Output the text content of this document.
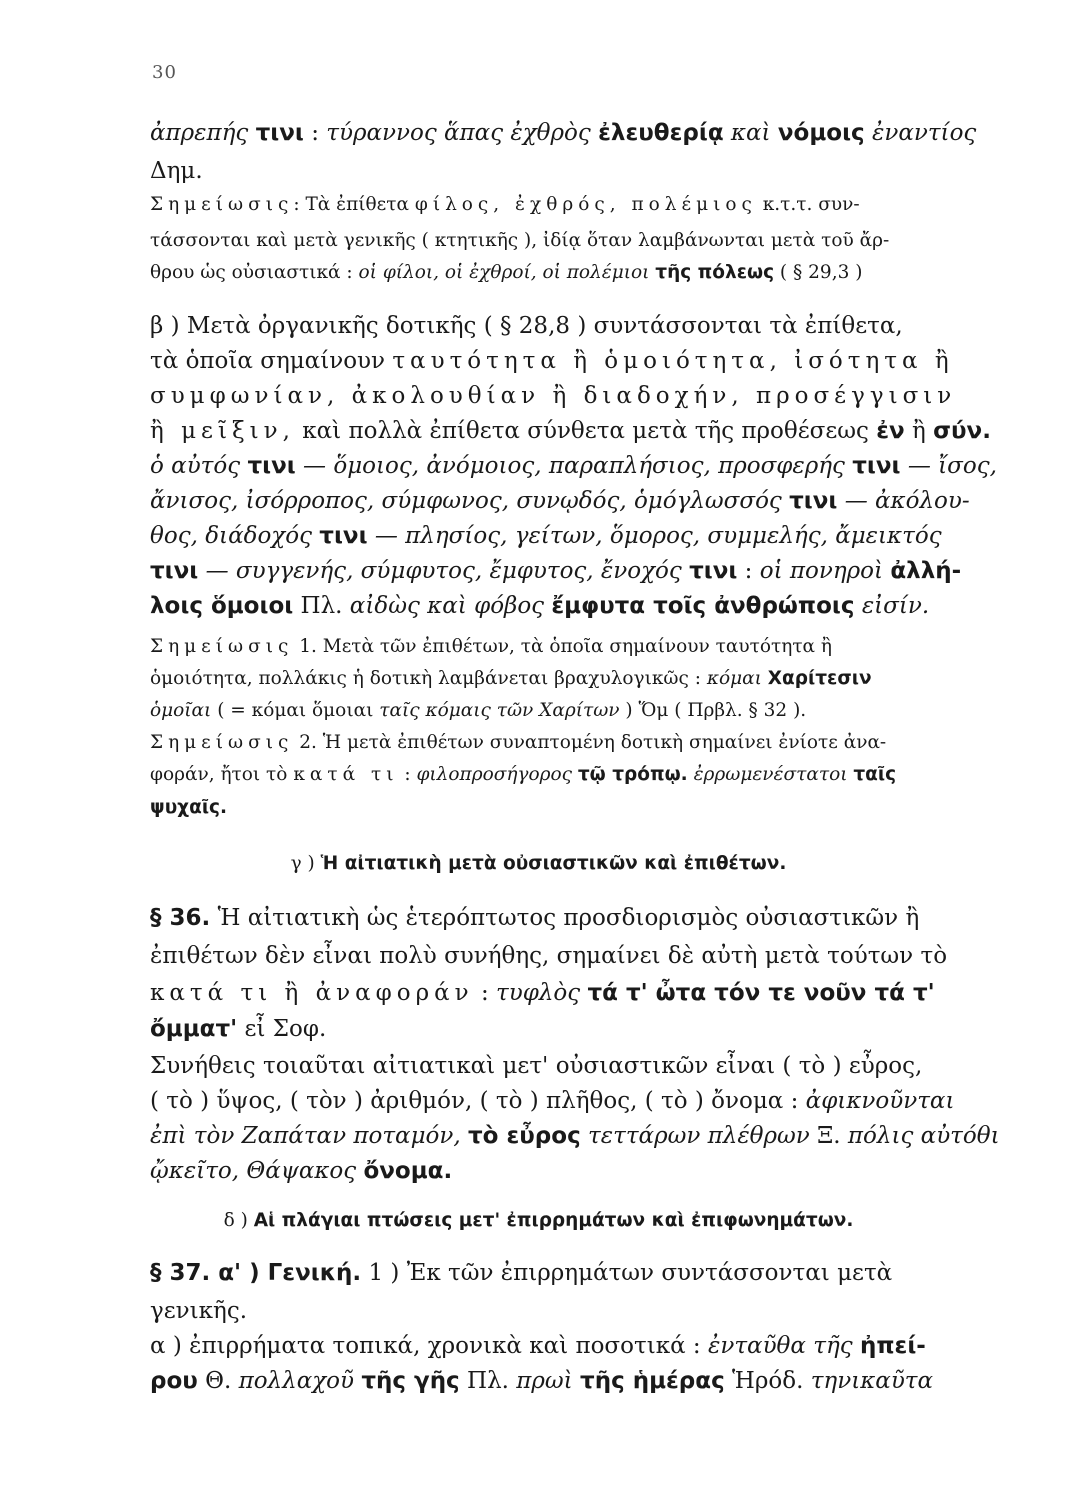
30
ἀπρεπής τινι : τύραννος ἅπας ἐχθρὸς ἐλευθερίᾳ καὶ νόμοις ἐναντίος
Δημ.
Σημείωσις: Τὰ ἐπίθετα φίλος, ἐχθρός, πολέμιος κ.τ.τ. συν-
τάσσονται καὶ μετὰ γενικῆς ( κτητικῆς ), ἰδίᾳ ὅταν λαμβάνωνται μετὰ τοῦ ἄρ-
θρου ὡς οὐσιαστικά : οἱ φίλοι, οἱ ἐχθροί, οἱ πολέμιοι τῆς πόλεως ( § 29,3 )
β ) Μετὰ ὀργανικῆς δοτικῆς ( § 28,8 ) συντάσσονται τὰ ἐπίθετα,
τὰ ὁποῖα σημαίνουν ταυτότητα ἢ ὁμοιότητα, ἰσότητα ἢ
συμφωνίαν, ἀκολουθίαν ἢ διαδοχήν, προσέγγισιν
ἢ μεῖξιν, καὶ πολλὰ ἐπίθετα σύνθετα μετὰ τῆς προθέσεως ἐν ἢ σύν.
ὁ αὐτός τινι — ὅμοιος, ἀνόμοιος, παραπλήσιος, προσφερής τινι — ἴσος,
ἄνισος, ἰσόρροπος, σύμφωνος, συνῳδός, ὁμόγλωσσός τινι — ἀκόλου-
θος, διάδοχός τινι — πλησίος, γείτων, ὅμορος, συμμελής, ἄμεικτός
τινι — συγγενής, σύμφυτος, ἔμφυτος, ἔνοχός τινι : οἱ πονηροὶ ἀλλή-
λοις ὅμοιοι Πλ. αἰδὼς καὶ φόβος ἔμφυτα τοῖς ἀνθρώποις εἰσίν.
Σημείωσις 1. Μετὰ τῶν ἐπιθέτων, τὰ ὁποῖα σημαίνουν ταυτότητα ἢ
ὁμοιότητα, πολλάκις ἡ δοτικὴ λαμβάνεται βραχυλογικῶς : κόμαι Χαρίτεσιν
ὁμοῖαι ( = κόμαι ὅμοιαι ταῖς κόμαις τῶν Χαρίτων ) Ὅμ ( Πρβλ. § 32 ).
Σημείωσις 2. Ἡ μετὰ ἐπιθέτων συναπτομένη δοτικὴ σημαίνει ἐνίοτε ἀνα-
φοράν, ἤτοι τὸ κατά τι : φιλοπροσήγορος τῷ τρόπῳ. ἐρρωμενέστατοι ταῖς
ψυχαῖς.
γ ) Ἡ αἰτιατικὴ μετὰ οὐσιαστικῶν καὶ ἐπιθέτων.
§ 36. Ἡ αἰτιατικὴ ὡς ἑτερόπτωτος προσδιορισμὸς οὐσιαστικῶν ἢ
ἐπιθέτων δὲν εἶναι πολὺ συνήθης, σημαίνει δὲ αὐτὴ μετὰ τούτων τὸ
κατά τι ἢ ἀναφοράν : τυφλὸς τά τ' ὦτα τόν τε νοῦν τά τ'
ὄμματ' εἶ Σοφ.
Συνήθεις τοιαῦται αἰτιατικαὶ μετ' οὐσιαστικῶν εἶναι ( τὸ ) εὖρος,
( τὸ ) ὕψος, ( τὸν ) ἀριθμόν, ( τὸ ) πλῆθος, ( τὸ ) ὄνομα : ἀφικνοῦνται
ἐπὶ τὸν Ζαπάταν ποταμόν, τὸ εὖρος τεττάρων πλέθρων Ξ. πόλις αὐτόθι
ᾤκεῖτο, Θάψακος ὄνομα.
δ ) Αἱ πλάγιαι πτώσεις μετ' ἐπιρρημάτων καὶ ἐπιφωνημάτων.
§ 37. α' ) Γενική. 1 ) Ἐκ τῶν ἐπιρρημάτων συντάσσονται μετὰ
γενικῆς.
α ) ἐπιρρήματα τοπικά, χρονικὰ καὶ ποσοτικά : ἐνταῦθα τῆς ἠπεί-
ρου Θ. πολλαχοῦ τῆς γῆς Πλ. πρωὶ τῆς ἡμέρας Ἡρόδ. τηνικαῦτα
